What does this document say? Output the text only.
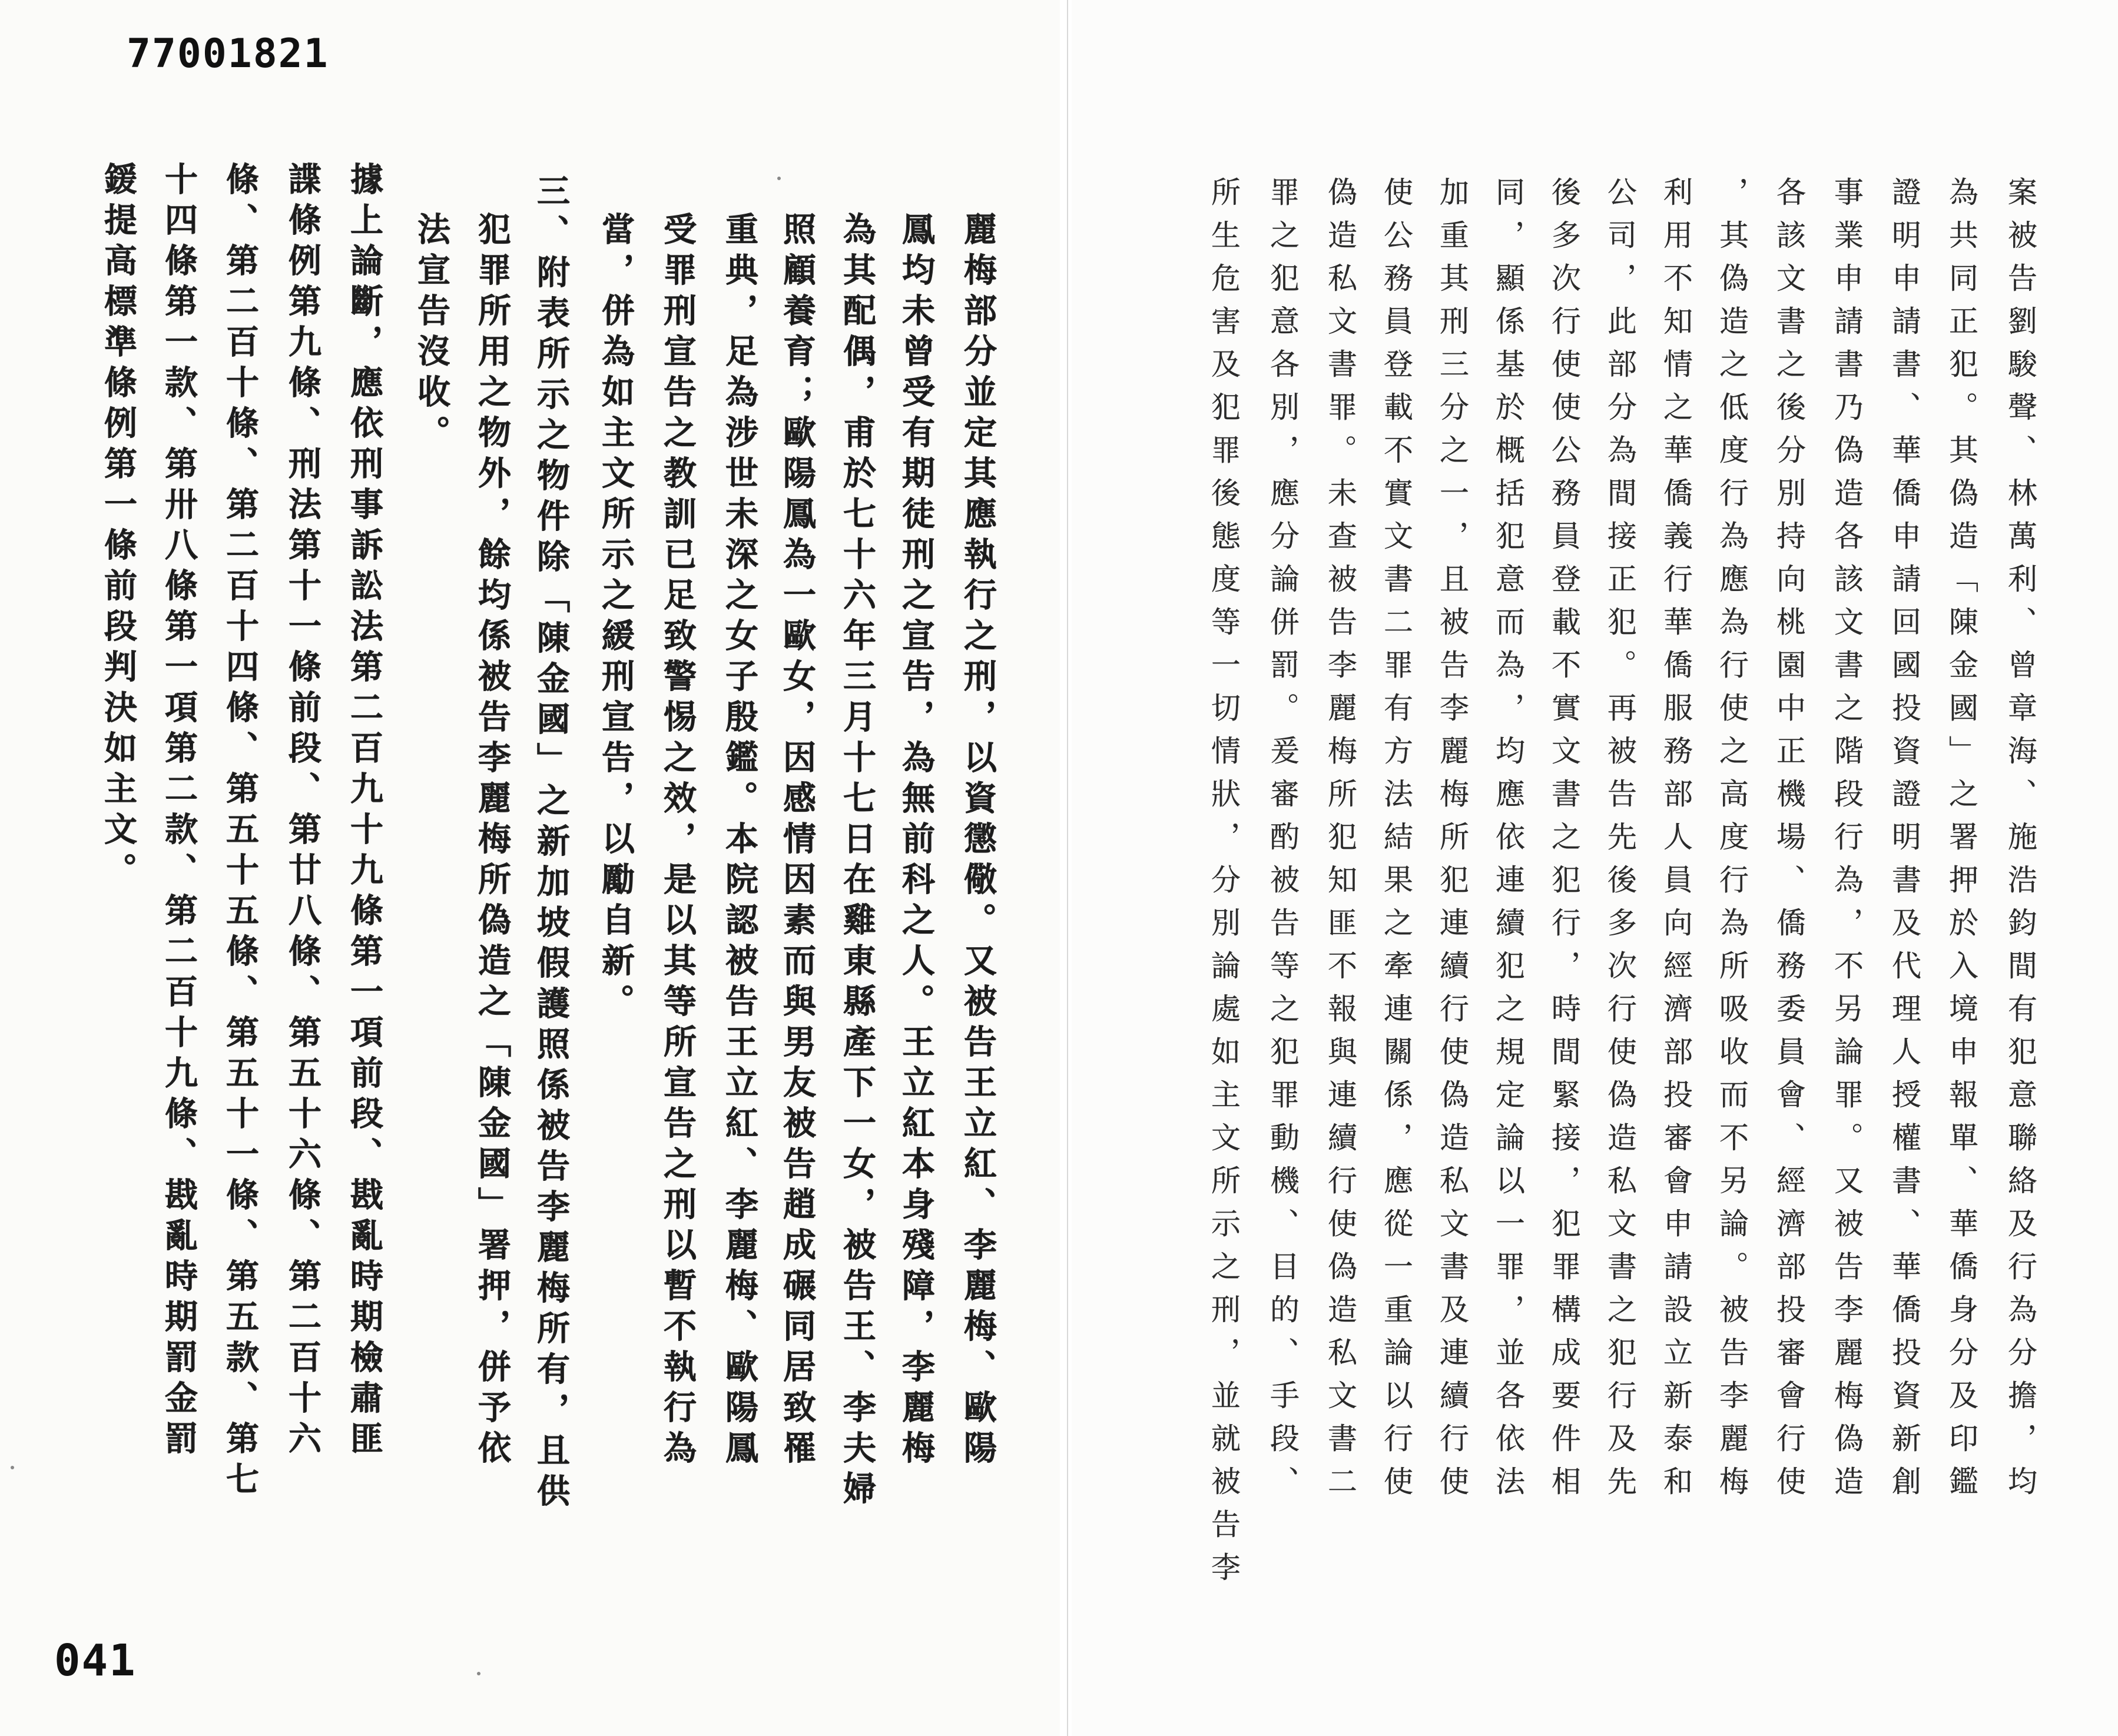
77001821
041
麗梅部分並定其應執行之刑，以資懲儆。又被告王立紅、李麗梅、歐陽
鳳均未曾受有期徒刑之宣告，為無前科之人。王立紅本身殘障，李麗梅
為其配偶，甫於七十六年三月十七日在雞東縣產下一女，被告王、李夫婦
照顧養育；歐陽鳳為一歐女，因感情因素而與男友被告趙成碾同居致罹
重典，足為涉世未深之女子殷鑑。本院認被告王立紅、李麗梅、歐陽鳳
受罪刑宣告之教訓已足致警惕之效，是以其等所宣告之刑以暫不執行為
當，併為如主文所示之緩刑宣告，以勵自新。
三、附表所示之物件除「陳金國」之新加坡假護照係被告李麗梅所有，且供
犯罪所用之物外，餘均係被告李麗梅所偽造之「陳金國」署押，併予依
法宣告沒收。
據上論斷，應依刑事訴訟法第二百九十九條第一項前段、戡亂時期檢肅匪
諜條例第九條、刑法第十一條前段、第廿八條、第五十六條、第二百十六
條、第二百十條、第二百十四條、第五十五條、第五十一條、第五款、第七
十四條第一款、第卅八條第一項第二款、第二百十九條、戡亂時期罰金罰
鍰提高標準條例第一條前段判決如主文。	案被告劉駿聲、林萬利、曾章海、施浩鈞間有犯意聯絡及行為分擔，均
為共同正犯。其偽造「陳金國」之署押於入境申報單、華僑身分及印鑑
證明申請書、華僑申請回國投資證明書及代理人授權書、華僑投資新創
事業申請書乃偽造各該文書之階段行為，不另論罪。又被告李麗梅偽造
各該文書之後分別持向桃園中正機場、僑務委員會、經濟部投審會行使
，其偽造之低度行為應為行使之高度行為所吸收而不另論。被告李麗梅
利用不知情之華僑義行華僑服務部人員向經濟部投審會申請設立新泰和
公司，此部分為間接正犯。再被告先後多次行使偽造私文書之犯行及先
後多次行使使公務員登載不實文書之犯行，時間緊接，犯罪構成要件相
同，顯係基於概括犯意而為，均應依連續犯之規定論以一罪，並各依法
加重其刑三分之一，且被告李麗梅所犯連續行使偽造私文書及連續行使
使公務員登載不實文書二罪有方法結果之牽連關係，應從一重論以行使
偽造私文書罪。未查被告李麗梅所犯知匪不報與連續行使偽造私文書二
罪之犯意各別，應分論併罰。爰審酌被告等之犯罪動機、目的、手段、
所生危害及犯罪後態度等一切情狀，分別論處如主文所示之刑，並就被告李
